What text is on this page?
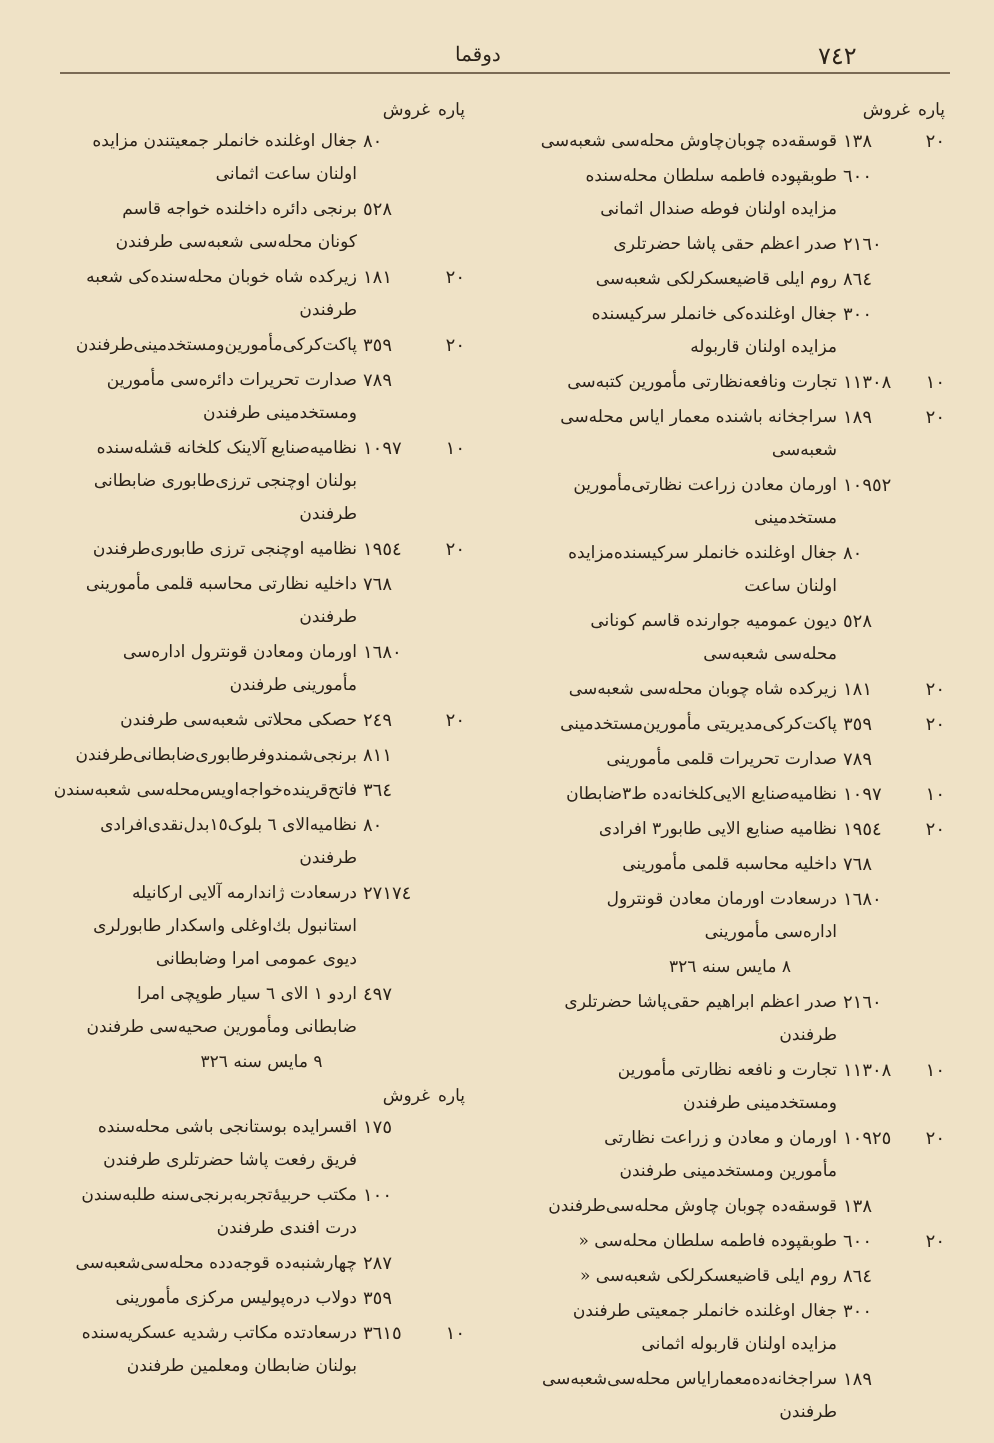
٧٤٢
دوقما
پاره
غروش
٢٠
١٣٨
قوسقه‌ده چوبان‌چاوش محله‌سی شعبه‌سی
٦٠٠
طوبقپوده فاطمه سلطان محله‌سنده
مزایده اولنان فوطه صندال اثمانی
٢١٦٠
صدر اعظم حقی پاشا حضرتلری
٨٦٤
روم ایلی قاضیعسکرلکی شعبه‌سی
٣٠٠
جغال اوغلنده‌کی خانملر سرکیسنده
مزایده اولنان قاربوله
١٠
١١٣٠٨
تجارت ونافعه‌نظارتی مأمورین کتبه‌سی
٢٠
١٨٩
سراجخانه باشنده معمار ایاس محله‌سی
شعبه‌سی
١٠٩٥٢
اورمان معادن زراعت نظارتی‌مأمورین
مستخدمینی
٨٠
جغال اوغلنده خانملر سرکیسنده‌مزایده
اولنان ساعت
٥٢٨
دیون عمومیه جوارنده قاسم کونانی
محله‌سی شعبه‌سی
٢٠
١٨١
زیرکده شاه چوبان محله‌سی شعبه‌سی
٢٠
٣٥٩
پاکت‌کرکی‌مدیریتی مأمورین‌مستخدمینی
٧٨٩
صدارت تحریرات قلمی مأمورینی
١٠
١٠٩٧
نظامیه‌صنایع الایی‌کلخانه‌ده ط٣ضابطان
٢٠
١٩٥٤
نظامیه صنایع الایی طابور٣ افرادی
٧٦٨
داخلیه محاسبه قلمی مأمورینی
١٦٨٠
درسعادت اورمان معادن قونترول
اداره‌سی مأمورینی
٨ مایس سنه ٣٢٦
٢١٦٠
صدر اعظم ابراهیم حقی‌پاشا حضرتلری
طرفندن
١٠
١١٣٠٨
تجارت و نافعه نظارتی مأمورین
ومستخدمینی طرفندن
٢٠
١٠٩٢٥
اورمان و معادن و زراعت نظارتی
مأمورین ومستخدمینی طرفندن
١٣٨
قوسقه‌ده چوبان چاوش محله‌سی‌طرفندن
٢٠
٦٠٠
طوبقپوده فاطمه سلطان محله‌سی «
٨٦٤
روم ایلی قاضیعسکرلکی شعبه‌سی «
٣٠٠
جغال اوغلنده خانملر جمعیتی طرفندن
مزایده اولنان قاربوله اثمانی
١٨٩
سراجخانه‌ده‌معمارایاس محله‌سی‌شعبه‌سی
طرفندن
پاره
غروش
٨٠
جغال اوغلنده خانملر جمعیتندن مزایده
اولنان ساعت اثمانی
٥٢٨
برنجی دائره داخلنده خواجه قاسم
کونان محله‌سی شعبه‌سی طرفندن
٢٠
١٨١
زیرکده شاه خوبان محله‌سنده‌کی شعبه
طرفندن
٢٠
٣٥٩
پاکت‌کرکی‌مأمورین‌ومستخدمینی‌طرفندن
٧٨٩
صدارت تحریرات دائره‌سی مأمورین
ومستخدمینی طرفندن
١٠
١٠٩٧
نظامیه‌صنایع آلاینک کلخانه قشله‌سنده
بولنان اوچنجی ترزی‌طابوری ضابطانی
طرفندن
٢٠
١٩٥٤
نظامیه اوچنجی ترزی طابوری‌طرفندن
٧٦٨
داخلیه نظارتی محاسبه قلمی مأمورینی
طرفندن
١٦٨٠
اورمان ومعادن قونترول اداره‌سی
مأمورینی طرفندن
٢٠
٢٤٩
حصکی محلاتی شعبه‌سی طرفندن
٨١١
برنجی‌شمندوفرطابوری‌ضابطانی‌طرفندن
٣٦٤
فاتح‌قرینده‌خواجه‌اویس‌محله‌سی شعبه‌سندن
٨٠
نظامیه‌الای ٦ بلوک١٥بدل‌نقدی‌افرادی
طرفندن
٢٧١٧٤
درسعادت ژاندارمه آلایی ارکانیله
استانبول بك‌اوغلی واسکدار طابورلری
دیوی عمومی امرا وضابطانی
٤٩٧
اردو ١ الای ٦ سیار طوپچی امرا
ضابطانی ومأمورین صحیه‌سی طرفندن
٩ مایس سنه ٣٢٦
پاره
غروش
١٧٥
اقسرایده بوستانجی باشی محله‌سنده
فریق رفعت پاشا حضرتلری طرفندن
١٠٠
مکتب حربیهٔ‌تجربه‌برنجی‌سنه طلبه‌سندن
درت افندی طرفندن
٢٨٧
چهارشنبه‌ده قوجه‌دده محله‌سی‌شعبه‌سی
٣٥٩
دولاب دره‌پولیس مرکزی مأمورینی
١٠
٣٦١٥
درسعادتده مکاتب رشدیه عسکریه‌سنده
بولنان ضابطان ومعلمین طرفندن
